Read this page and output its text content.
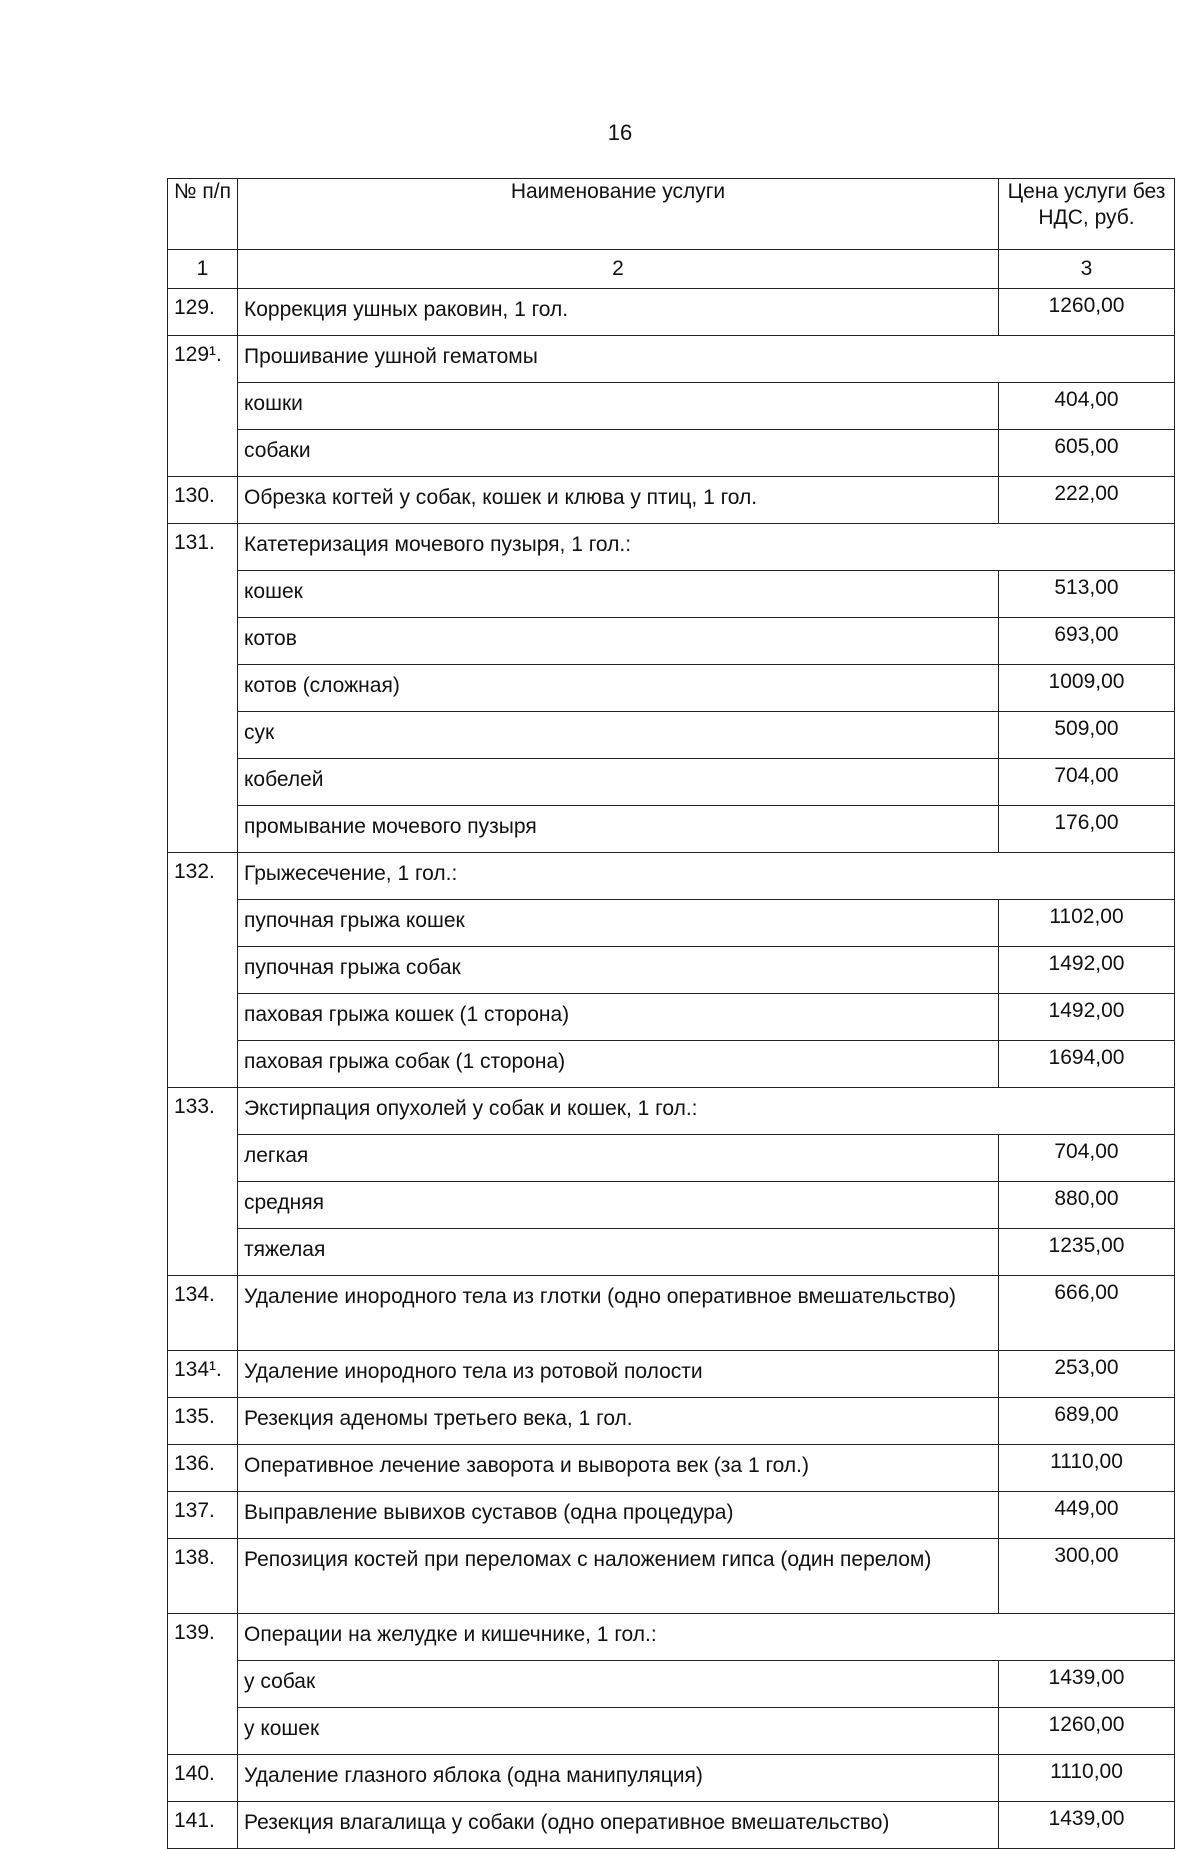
16
№ п/п	Наименование услуги	Цена услуги без НДС, руб.
1	2	3
129.	Коррекция ушных раковин, 1 гол.	1260,00
129¹.	Прошивание ушной гематомы	
	кошки	404,00
	собаки	605,00
130.	Обрезка когтей у собак, кошек и клюва у птиц, 1 гол.	222,00
131.	Катетеризация мочевого пузыря, 1 гол.:	
	кошек	513,00
	котов	693,00
	котов (сложная)	1009,00
	сук	509,00
	кобелей	704,00
	промывание мочевого пузыря	176,00
132.	Грыжесечение, 1 гол.:	
	пупочная грыжа кошек	1102,00
	пупочная грыжа собак	1492,00
	паховая грыжа кошек (1 сторона)	1492,00
	паховая грыжа собак (1 сторона)	1694,00
133.	Экстирпация опухолей у собак и кошек, 1 гол.:	
	легкая	704,00
	средняя	880,00
	тяжелая	1235,00
134.	Удаление инородного тела из глотки (одно оперативное вмешательство)	666,00
134¹.	Удаление инородного тела из ротовой полости	253,00
135.	Резекция аденомы третьего века, 1 гол.	689,00
136.	Оперативное лечение заворота и выворота век (за 1 гол.)	1110,00
137.	Выправление вывихов суставов (одна процедура)	449,00
138.	Репозиция костей при переломах с наложением гипса (один перелом)	300,00
139.	Операции на желудке и кишечнике, 1 гол.:	
	у собак	1439,00
	у кошек	1260,00
140.	Удаление глазного яблока (одна манипуляция)	1110,00
141.	Резекция влагалища у собаки (одно оперативное вмешательство)	1439,00
